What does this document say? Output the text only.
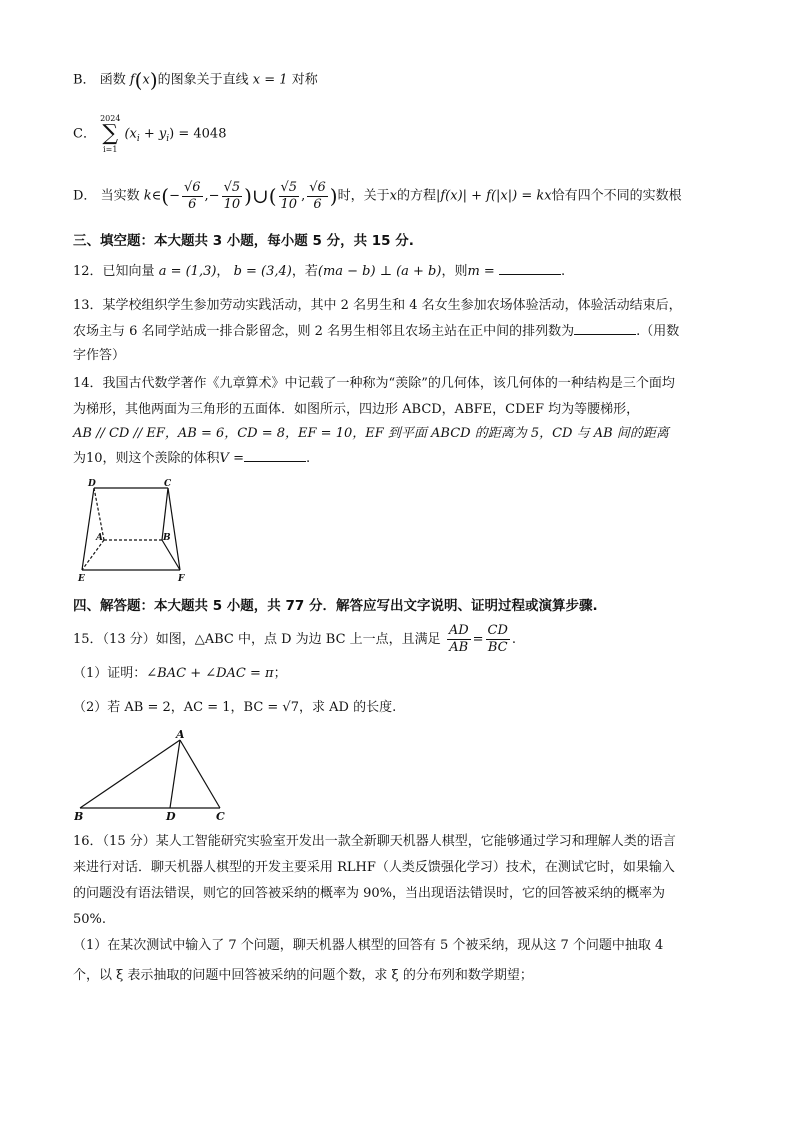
B． 函数 f(x)的图象关于直线 x = 1 对称
C．
2024
∑
i=1
$(x_i + y_i) = 4048$
D． 当实数 k∈(− $\frac{√6}{6}$ ,− $\frac{√5}{10}$ )∪( $\frac{√5}{10}$ , $\frac{√6}{6}$ )时，关于x的方程|f(x)| + f(|x|) = kx恰有四个不同的实数根
三、填空题：本大题共 3 小题，每小题 5 分，共 15 分.
12．已知向量 a = (1,3)， b = (3,4)，若(ma − b) ⊥ (a + b)，则m =	.
13．某学校组织学生参加劳动实践活动，其中 2 名男生和 4 名女生参加农场体验活动，体验活动结束后，
农场主与 6 名同学站成一排合影留念，则 2 名男生相邻且农场主站在正中间的排列数为	.（用数
字作答）
14．我国古代数学著作《九章算术》中记载了一种称为“羡除”的几何体，该几何体的一种结构是三个面均
为梯形，其他两面为三角形的五面体．如图所示，四边形 ABCD，ABFE，CDEF 均为等腰梯形，
AB // CD // EF，AB = 6，CD = 8，EF = 10，EF 到平面 ABCD 的距离为 5，CD 与 AB 间的距离
为10，则这个羡除的体积V =	.
D	C
A	B
E	F
四、解答题：本大题共 5 小题，共 77 分．解答应写出文字说明、证明过程或演算步骤.
15．（13 分）如图，△ABC 中，点 D 为边 BC 上一点，且满足 $\frac{AD}{AB} = \frac{CD}{BC}$ .
（1）证明：∠BAC + ∠DAC = π；
（2）若 AB = 2，AC = 1，BC = √7，求 AD 的长度.
A
B	D	C
16．（15 分）某人工智能研究实验室开发出一款全新聊天机器人棋型，它能够通过学习和理解人类的语言
来进行对话．聊天机器人棋型的开发主要采用 RLHF（人类反馈强化学习）技术，在测试它时，如果输入
的问题没有语法错误，则它的回答被采纳的概率为 90%，当出现语法错误时，它的回答被采纳的概率为
50%.
（1）在某次测试中输入了 7 个问题，聊天机器人棋型的回答有 5 个被采纳，现从这 7 个问题中抽取 4
个，以 ξ 表示抽取的问题中回答被采纳的问题个数，求 ξ 的分布列和数学期望；
